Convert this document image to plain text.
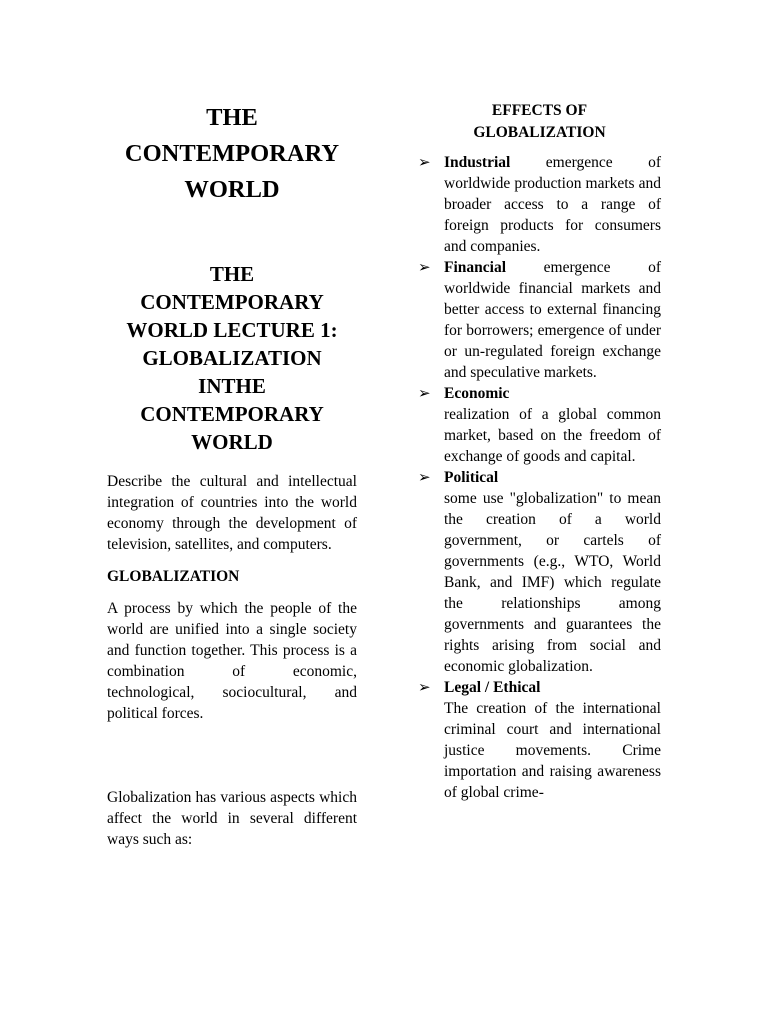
THE
CONTEMPORARY
WORLD
THE
CONTEMPORARY
WORLD LECTURE 1:
GLOBALIZATION
INTHE
CONTEMPORARY
WORLD

Describe the cultural and intellectual integration of countries into the world economy through the development of television, satellites, and computers.

GLOBALIZATION

A process by which the people of the world are unified into a single society and function together. This process is a combination of economic, technological, sociocultural, and political forces.

Globalization has various aspects which affect the world in several different ways such as:

EFFECTS OF
GLOBALIZATION
➢ Industrial emergence of worldwide production markets and broader access to a range of foreign products for consumers and companies.

➢ Financial emergence of worldwide financial markets and better access to external financing for borrowers; emergence of under or un-regulated foreign exchange and speculative markets.

➢ Economic

realization of a global common market, based on the freedom of exchange of goods and capital.

➢ Political

some use "globalization" to mean the creation of a world government, or cartels of governments (e.g., WTO, World Bank, and IMF) which regulate the relationships among governments and guarantees the rights arising from social and economic globalization.

➢ Legal / Ethical

The creation of the international criminal court and international justice movements. Crime importation and raising awareness of global crime-
